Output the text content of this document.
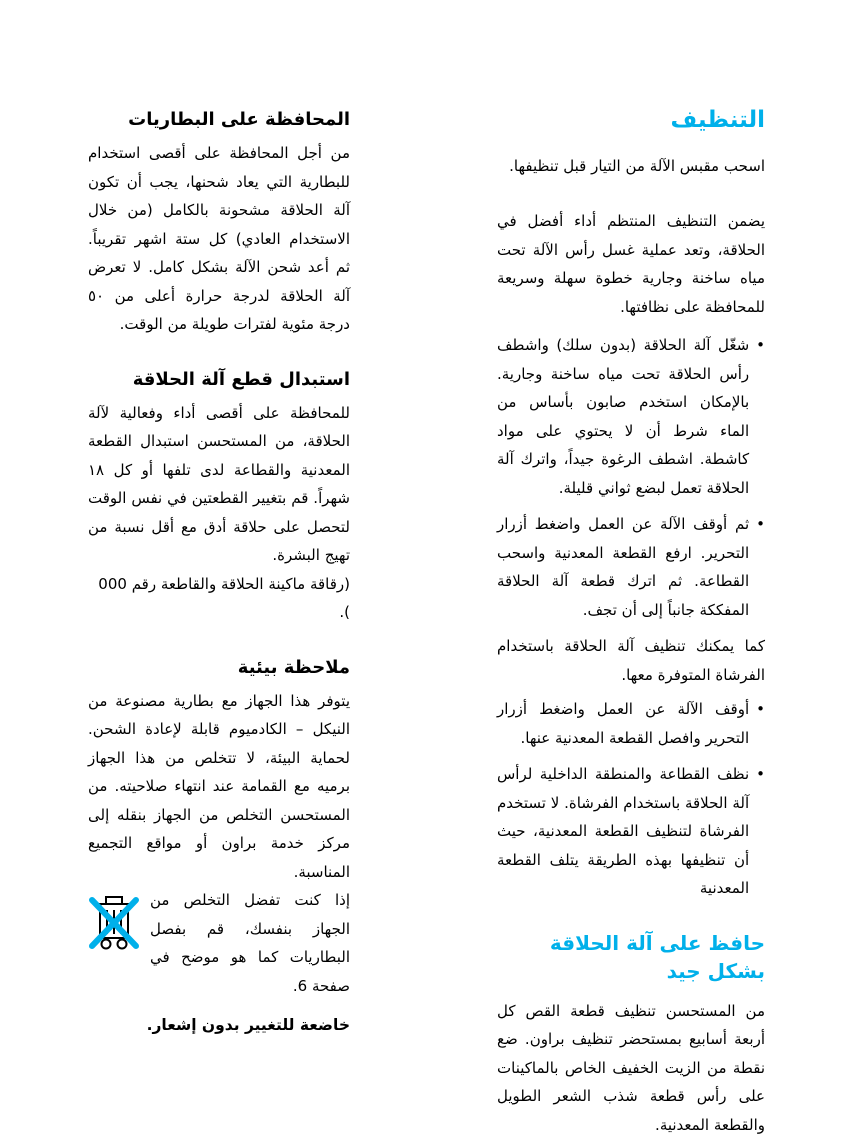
التنظيف

اسحب مقبس الآلة من التيار قبل تنظيفها.

يضمن التنظيف المنتظم أداء أفضل في الحلاقة، وتعد عملية غسل رأس الآلة تحت مياه ساخنة وجارية خطوة سهلة وسريعة للمحافظة على نظافتها.

•
شغّل آلة الحلاقة (بدون سلك) واشطف رأس الحلاقة تحت مياه ساخنة وجارية. بالإمكان استخدم صابون بأساس من الماء شرط أن لا يحتوي على مواد كاشطة. اشطف الرغوة جيداً، واترك آلة الحلاقة تعمل لبضع ثواني قليلة.
•
ثم أوقف الآلة عن العمل واضغط أزرار التحرير. ارفع القطعة المعدنية واسحب القطاعة. ثم اترك قطعة آلة الحلاقة المفككة جانباً إلى أن تجف.

كما يمكنك تنظيف آلة الحلاقة باستخدام الفرشاة المتوفرة معها.

•
أوقف الآلة عن العمل واضغط أزرار التحرير وافصل القطعة المعدنية عنها.
•
نظف القطاعة والمنطقة الداخلية لرأس آلة الحلاقة باستخدام الفرشاة. لا تستخدم الفرشاة لتنظيف القطعة المعدنية، حيث أن تنظيفها بهذه الطريقة يتلف القطعة المعدنية
حافظ على آلة الحلاقة بشكل جيد

من المستحسن تنظيف قطعة القص كل أربعة أسابيع بمستحضر تنظيف براون. ضع نقطة من الزيت الخفيف الخاص بالماكينات على رأس قطعة شذب الشعر الطويل والقطعة المعدنية.

المحافظة على البطاريات

من أجل المحافظة على أقصى استخدام للبطارية التي يعاد شحنها، يجب أن تكون آلة الحلاقة مشحونة بالكامل (من خلال الاستخدام العادي) كل ستة اشهر تقريباً. ثم أعد شحن الآلة بشكل كامل. لا تعرض آلة الحلاقة لدرجة حرارة أعلى من ٥٠ درجة مئوية لفترات طويلة من الوقت.

استبدال قطع آلة الحلاقة

للمحافظة على أقصى أداء وفعالية لآلة الحلاقة، من المستحسن استبدال القطعة المعدنية والقطاعة لدى تلفها أو كل ١٨ شهراً. قم بتغيير القطعتين في نفس الوقت لتحصل على حلاقة أدق مع أقل نسبة من تهيج البشرة.

(رقاقة ماكينة الحلاقة والقاطعة رقم 000 ).

ملاحظة بيئية

يتوفر هذا الجهاز مع بطارية مصنوعة من النيكل – الكادميوم قابلة لإعادة الشحن. لحماية البيئة، لا تتخلص من هذا الجهاز برميه مع القمامة عند انتهاء صلاحيته. من المستحسن التخلص من الجهاز بنقله إلى مركز خدمة براون أو مواقع التجميع المناسبة.

إذا كنت تفضل التخلص من الجهاز بنفسك، قم بفصل البطاريات كما هو موضح في صفحة 6.

خاضعة للتغيير بدون إشعار.
